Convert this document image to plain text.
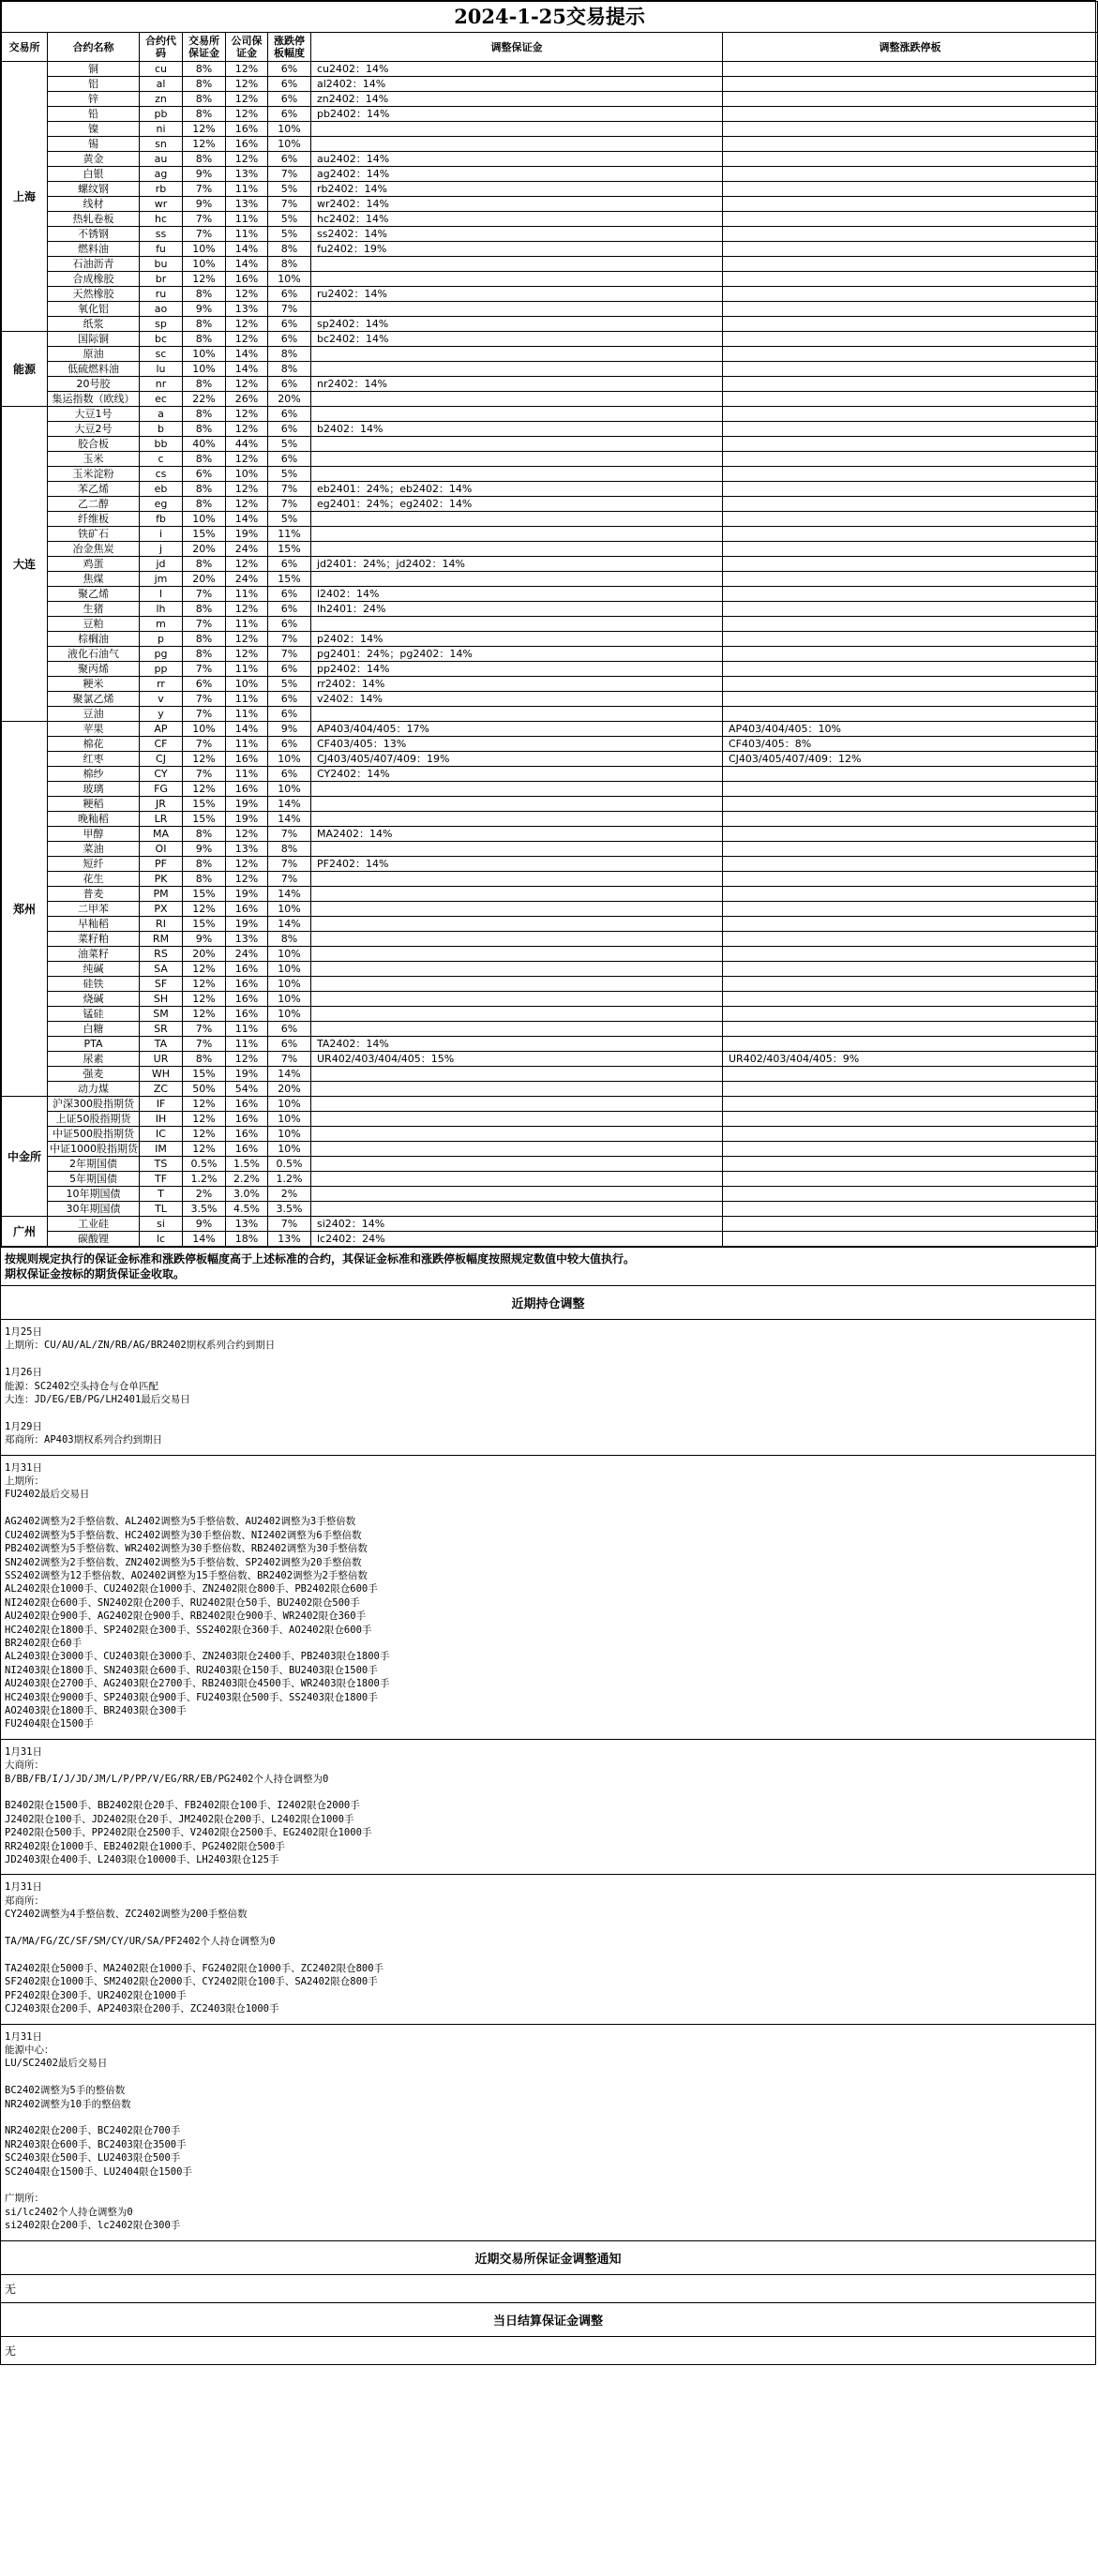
2024-1-25交易提示							
交易所	合约名称	合约代码	交易所保证金	公司保证金	涨跌停板幅度	调整保证金	调整涨跌停板
上海	铜	cu	8%	12%	6%	cu2402：14%	
	铝	al	8%	12%	6%	al2402：14%	
	锌	zn	8%	12%	6%	zn2402：14%	
	铅	pb	8%	12%	6%	pb2402：14%	
	镍	ni	12%	16%	10%		
	锡	sn	12%	16%	10%		
	黄金	au	8%	12%	6%	au2402：14%	
	白银	ag	9%	13%	7%	ag2402：14%	
	螺纹钢	rb	7%	11%	5%	rb2402：14%	
	线材	wr	9%	13%	7%	wr2402：14%	
	热轧卷板	hc	7%	11%	5%	hc2402：14%	
	不锈钢	ss	7%	11%	5%	ss2402：14%	
	燃料油	fu	10%	14%	8%	fu2402：19%	
	石油沥青	bu	10%	14%	8%		
	合成橡胶	br	12%	16%	10%		
	天然橡胶	ru	8%	12%	6%	ru2402：14%	
	氧化铝	ao	9%	13%	7%		
	纸浆	sp	8%	12%	6%	sp2402：14%	
能源	国际铜	bc	8%	12%	6%	bc2402：14%	
	原油	sc	10%	14%	8%		
	低硫燃料油	lu	10%	14%	8%		
	20号胶	nr	8%	12%	6%	nr2402：14%	
	集运指数（欧线）	ec	22%	26%	20%		
大连	大豆1号	a	8%	12%	6%		
	大豆2号	b	8%	12%	6%	b2402：14%	
	胶合板	bb	40%	44%	5%		
	玉米	c	8%	12%	6%		
	玉米淀粉	cs	6%	10%	5%		
	苯乙烯	eb	8%	12%	7%	eb2401：24%；eb2402：14%	
	乙二醇	eg	8%	12%	7%	eg2401：24%；eg2402：14%	
	纤维板	fb	10%	14%	5%		
	铁矿石	i	15%	19%	11%		
	冶金焦炭	j	20%	24%	15%		
	鸡蛋	jd	8%	12%	6%	jd2401：24%；jd2402：14%	
	焦煤	jm	20%	24%	15%		
	聚乙烯	l	7%	11%	6%	l2402：14%	
	生猪	lh	8%	12%	6%	lh2401：24%	
	豆粕	m	7%	11%	6%		
	棕榈油	p	8%	12%	7%	p2402：14%	
	液化石油气	pg	8%	12%	7%	pg2401：24%；pg2402：14%	
	聚丙烯	pp	7%	11%	6%	pp2402：14%	
	粳米	rr	6%	10%	5%	rr2402：14%	
	聚氯乙烯	v	7%	11%	6%	v2402：14%	
	豆油	y	7%	11%	6%		
郑州	苹果	AP	10%	14%	9%	AP403/404/405：17%	AP403/404/405：10%
	棉花	CF	7%	11%	6%	CF403/405：13%	CF403/405：8%
	红枣	CJ	12%	16%	10%	CJ403/405/407/409：19%	CJ403/405/407/409：12%
	棉纱	CY	7%	11%	6%	CY2402：14%	
	玻璃	FG	12%	16%	10%		
	粳稻	JR	15%	19%	14%		
	晚籼稻	LR	15%	19%	14%		
	甲醇	MA	8%	12%	7%	MA2402：14%	
	菜油	OI	9%	13%	8%		
	短纤	PF	8%	12%	7%	PF2402：14%	
	花生	PK	8%	12%	7%		
	普麦	PM	15%	19%	14%		
	二甲苯	PX	12%	16%	10%		
	早籼稻	RI	15%	19%	14%		
	菜籽粕	RM	9%	13%	8%		
	油菜籽	RS	20%	24%	10%		
	纯碱	SA	12%	16%	10%		
	硅铁	SF	12%	16%	10%		
	烧碱	SH	12%	16%	10%		
	锰硅	SM	12%	16%	10%		
	白糖	SR	7%	11%	6%		
	PTA	TA	7%	11%	6%	TA2402：14%	
	尿素	UR	8%	12%	7%	UR402/403/404/405：15%	UR402/403/404/405：9%
	强麦	WH	15%	19%	14%		
	动力煤	ZC	50%	54%	20%		
中金所	沪深300股指期货	IF	12%	16%	10%		
	上证50股指期货	IH	12%	16%	10%		
	中证500股指期货	IC	12%	16%	10%		
	中证1000股指期货	IM	12%	16%	10%		
	2年期国债	TS	0.5%	1.5%	0.5%		
	5年期国债	TF	1.2%	2.2%	1.2%		
	10年期国债	T	2%	3.0%	2%		
	30年期国债	TL	3.5%	4.5%	3.5%		
广州	工业硅	si	9%	13%	7%	si2402：14%	
	碳酸锂	lc	14%	18%	13%	lc2402：24%	
按规则规定执行的保证金标准和涨跌停板幅度高于上述标准的合约，其保证金标准和涨跌停板幅度按照规定数值中较大值执行。
期权保证金按标的期货保证金收取。
近期持仓调整
1月25日
上期所：CU/AU/AL/ZN/RB/AG/BR2402期权系列合约到期日

1月26日
能源：SC2402空头持仓与仓单匹配
大连：JD/EG/EB/PG/LH2401最后交易日

1月29日
郑商所：AP403期权系列合约到期日
1月31日
上期所：
FU2402最后交易日

AG2402调整为2手整倍数、AL2402调整为5手整倍数、AU2402调整为3手整倍数
CU2402调整为5手整倍数、HC2402调整为30手整倍数、NI2402调整为6手整倍数
PB2402调整为5手整倍数、WR2402调整为30手整倍数、RB2402调整为30手整倍数
SN2402调整为2手整倍数、ZN2402调整为5手整倍数、SP2402调整为20手整倍数
SS2402调整为12手整倍数、AO2402调整为15手整倍数、BR2402调整为2手整倍数
AL2402限仓1000手、CU2402限仓1000手、ZN2402限仓800手、PB2402限仓600手
NI2402限仓600手、SN2402限仓200手、RU2402限仓50手、BU2402限仓500手
AU2402限仓900手、AG2402限仓900手、RB2402限仓900手、WR2402限仓360手
HC2402限仓1800手、SP2402限仓300手、SS2402限仓360手、AO2402限仓600手
BR2402限仓60手
AL2403限仓3000手、CU2403限仓3000手、ZN2403限仓2400手、PB2403限仓1800手
NI2403限仓1800手、SN2403限仓600手、RU2403限仓150手、BU2403限仓1500手
AU2403限仓2700手、AG2403限仓2700手、RB2403限仓4500手、WR2403限仓1800手
HC2403限仓9000手、SP2403限仓900手、FU2403限仓500手、SS2403限仓1800手
AO2403限仓1800手、BR2403限仓300手
FU2404限仓1500手
1月31日
大商所：
B/BB/FB/I/J/JD/JM/L/P/PP/V/EG/RR/EB/PG2402个人持仓调整为0

B2402限仓1500手、BB2402限仓20手、FB2402限仓100手、I2402限仓2000手
J2402限仓100手、JD2402限仓20手、JM2402限仓200手、L2402限仓1000手
P2402限仓500手、PP2402限仓2500手、V2402限仓2500手、EG2402限仓1000手
RR2402限仓1000手、EB2402限仓1000手、PG2402限仓500手
JD2403限仓400手、L2403限仓10000手、LH2403限仓125手
1月31日
郑商所：
CY2402调整为4手整倍数、ZC2402调整为200手整倍数

TA/MA/FG/ZC/SF/SM/CY/UR/SA/PF2402个人持仓调整为0

TA2402限仓5000手、MA2402限仓1000手、FG2402限仓1000手、ZC2402限仓800手
SF2402限仓1000手、SM2402限仓2000手、CY2402限仓100手、SA2402限仓800手
PF2402限仓300手、UR2402限仓1000手
CJ2403限仓200手、AP2403限仓200手、ZC2403限仓1000手
1月31日
能源中心：
LU/SC2402最后交易日

BC2402调整为5手的整倍数
NR2402调整为10手的整倍数

NR2402限仓200手、BC2402限仓700手
NR2403限仓600手、BC2403限仓3500手
SC2403限仓500手、LU2403限仓500手
SC2404限仓1500手、LU2404限仓1500手

广期所：
si/lc2402个人持仓调整为0
si2402限仓200手、lc2402限仓300手
近期交易所保证金调整通知
无
当日结算保证金调整
无
